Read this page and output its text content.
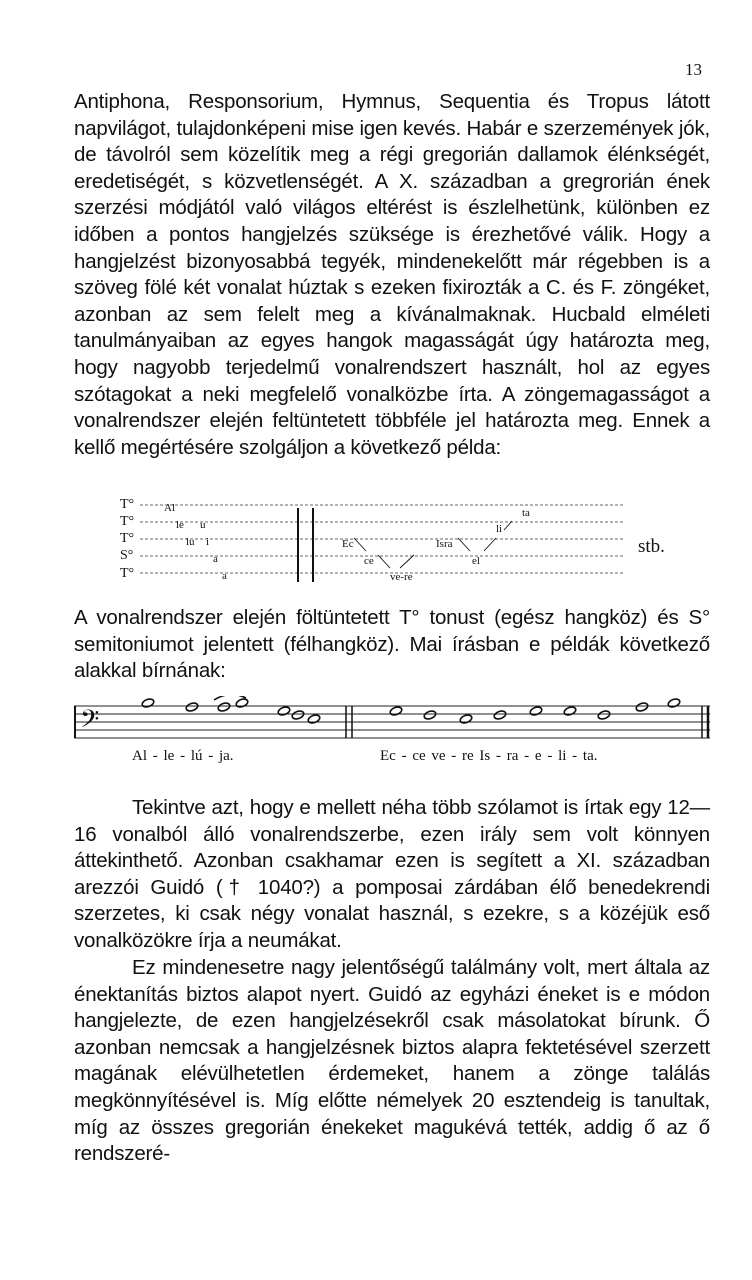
13

Antiphona, Responsorium, Hymnus, Sequentia és Tropus látott napvilágot, tulajdonképeni mise igen kevés. Habár e szerzemények jók, de távolról sem közelítik meg a régi gregorián dallamok élénkségét, eredetiségét, s közvetlenségét. A X. században a gregrorián ének szerzési módjától való világos eltérést is észlelhetünk, különben ez időben a pontos hangjelzés szüksége is érezhetővé válik. Hogy a hangjelzést bizonyosabbá tegyék, mindenekelőtt már régebben is a szöveg fölé két vonalat húztak s ezeken fixirozták a C. és F. zöngéket, azonban az sem felelt meg a kívánalmaknak. Hucbald elméleti tanulmányaiban az egyes hangok magasságát úgy határozta meg, hogy nagyobb terjedelmű vonalrendszert használt, hol az egyes szótagokat a neki megfelelő vonalközbe írta. A zöngemagasságot a vonalrendszer elején feltüntetett többféle jel határozta meg. Ennek a kellő megértésére szolgáljon a következő példa:

T°
T°
T°
S°
T°
Al
le u
lu i
a
a
ta
li
Ec	Isra
el
ce
ve-re
stb.

A vonalrendszer elején föltüntetett T° tonust (egész hangköz) és S° semitoniumot jelentett (félhangköz). Mai írásban e példák következő alakkal bírnának:

𝄢
Al - le - lú - ja.	Ec - ce ve - re Is - ra - e - li - ta.

Tekintve azt, hogy e mellett néha több szólamot is írtak egy 12—16 vonalból álló vonalrendszerbe, ezen irály sem volt könnyen áttekinthető. Azonban csakhamar ezen is segített a XI. században arezzói Guidó († 1040?) a pomposai zárdában élő benedekrendi szerzetes, ki csak négy vonalat használ, s ezekre, s a közéjük eső vonalközökre írja a neumákat.

Ez mindenesetre nagy jelentőségű találmány volt, mert általa az énektanítás biztos alapot nyert. Guidó az egyházi éneket is e módon hangjelezte, de ezen hangjelzésekről csak másolatokat bírunk. Ő azonban nemcsak a hangjelzésnek biztos alapra fektetésével szerzett magának elévülhetetlen érdemeket, hanem a zönge találás megkönnyítésével is. Míg előtte némelyek 20 esztendeig is tanultak, míg az összes gregorián énekeket magukévá tették, addig ő az ő rendszeré-
